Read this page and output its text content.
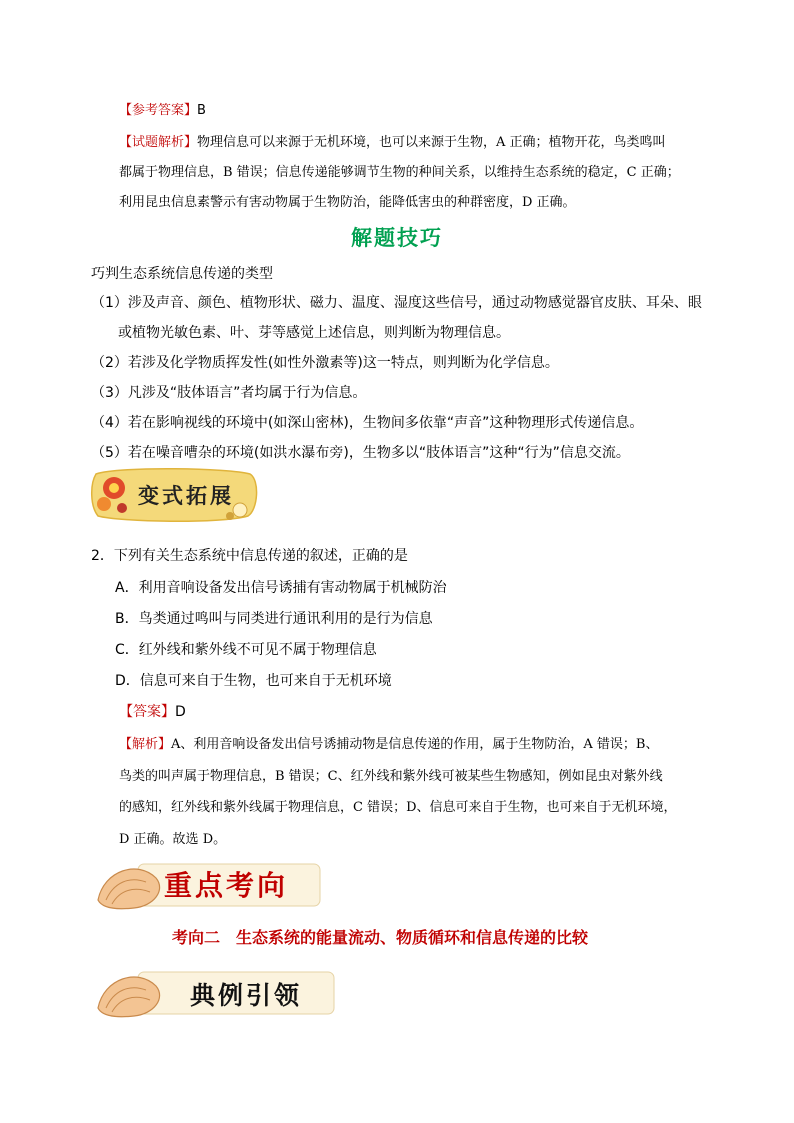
【参考答案】B
【试题解析】物理信息可以来源于无机环境，也可以来源于生物，A 正确；植物开花，鸟类鸣叫
都属于物理信息，B 错误；信息传递能够调节生物的种间关系，以维持生态系统的稳定，C 正确；
利用昆虫信息素警示有害动物属于生物防治，能降低害虫的种群密度，D 正确。
解题技巧
巧判生态系统信息传递的类型
（1）涉及声音、颜色、植物形状、磁力、温度、湿度这些信号，通过动物感觉器官皮肤、耳朵、眼
或植物光敏色素、叶、芽等感觉上述信息，则判断为物理信息。
（2）若涉及化学物质挥发性(如性外激素等)这一特点，则判断为化学信息。
（3）凡涉及“肢体语言”者均属于行为信息。
（4）若在影响视线的环境中(如深山密林)，生物间多依靠“声音”这种物理形式传递信息。
（5）若在噪音嘈杂的环境(如洪水瀑布旁)，生物多以“肢体语言”这种“行为”信息交流。
变式拓展
2．下列有关生态系统中信息传递的叙述，正确的是
A．利用音响设备发出信号诱捕有害动物属于机械防治
B．鸟类通过鸣叫与同类进行通讯利用的是行为信息
C．红外线和紫外线不可见不属于物理信息
D．信息可来自于生物，也可来自于无机环境
【答案】D
【解析】A、利用音响设备发出信号诱捕动物是信息传递的作用，属于生物防治，A 错误；B、
鸟类的叫声属于物理信息，B 错误；C、红外线和紫外线可被某些生物感知，例如昆虫对紫外线
的感知，红外线和紫外线属于物理信息，C 错误；D、信息可来自于生物，也可来自于无机环境，
D 正确。故选 D。
重点考向
考向二　生态系统的能量流动、物质循环和信息传递的比较
典例引领
